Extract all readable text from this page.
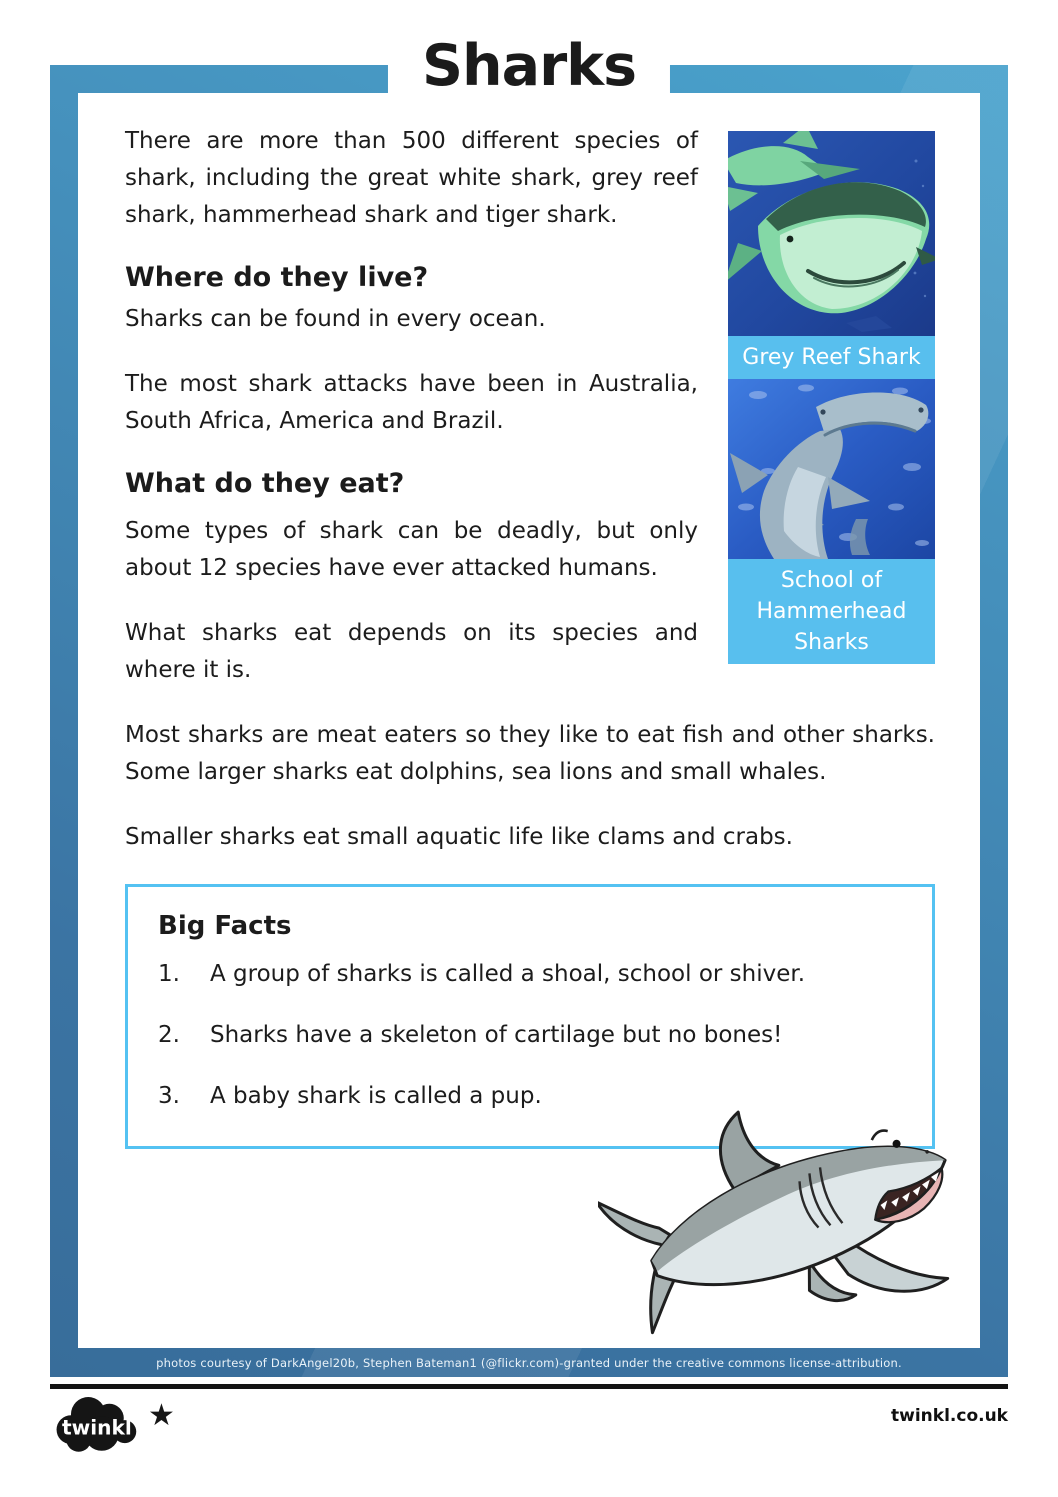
Sharks
Grey Reef Shark
School of Hammerhead Sharks

There are more than 500 different species of shark, including the great white shark, grey reef shark, hammerhead shark and tiger shark.

Where do they live?

Sharks can be found in every ocean.

The most shark attacks have been in Australia, South Africa, America and Brazil.

What do they eat?

Some types of shark can be deadly, but only about 12 species have ever attacked humans.

What sharks eat depends on its species and where it is.

Most sharks are meat eaters so they like to eat fish and other sharks. Some larger sharks eat dolphins, sea lions and small whales.

Smaller sharks eat small aquatic life like clams and crabs.

Big Facts
1.	A group of sharks is called a shoal, school or shiver.
2.	Sharks have a skeleton of cartilage but no bones!
3.	A baby shark is called a pup.
photos courtesy of DarkAngel20b, Stephen Bateman1 (@flickr.com)-granted under the creative commons license-attribution.
twinkl ★	twinkl.co.uk
